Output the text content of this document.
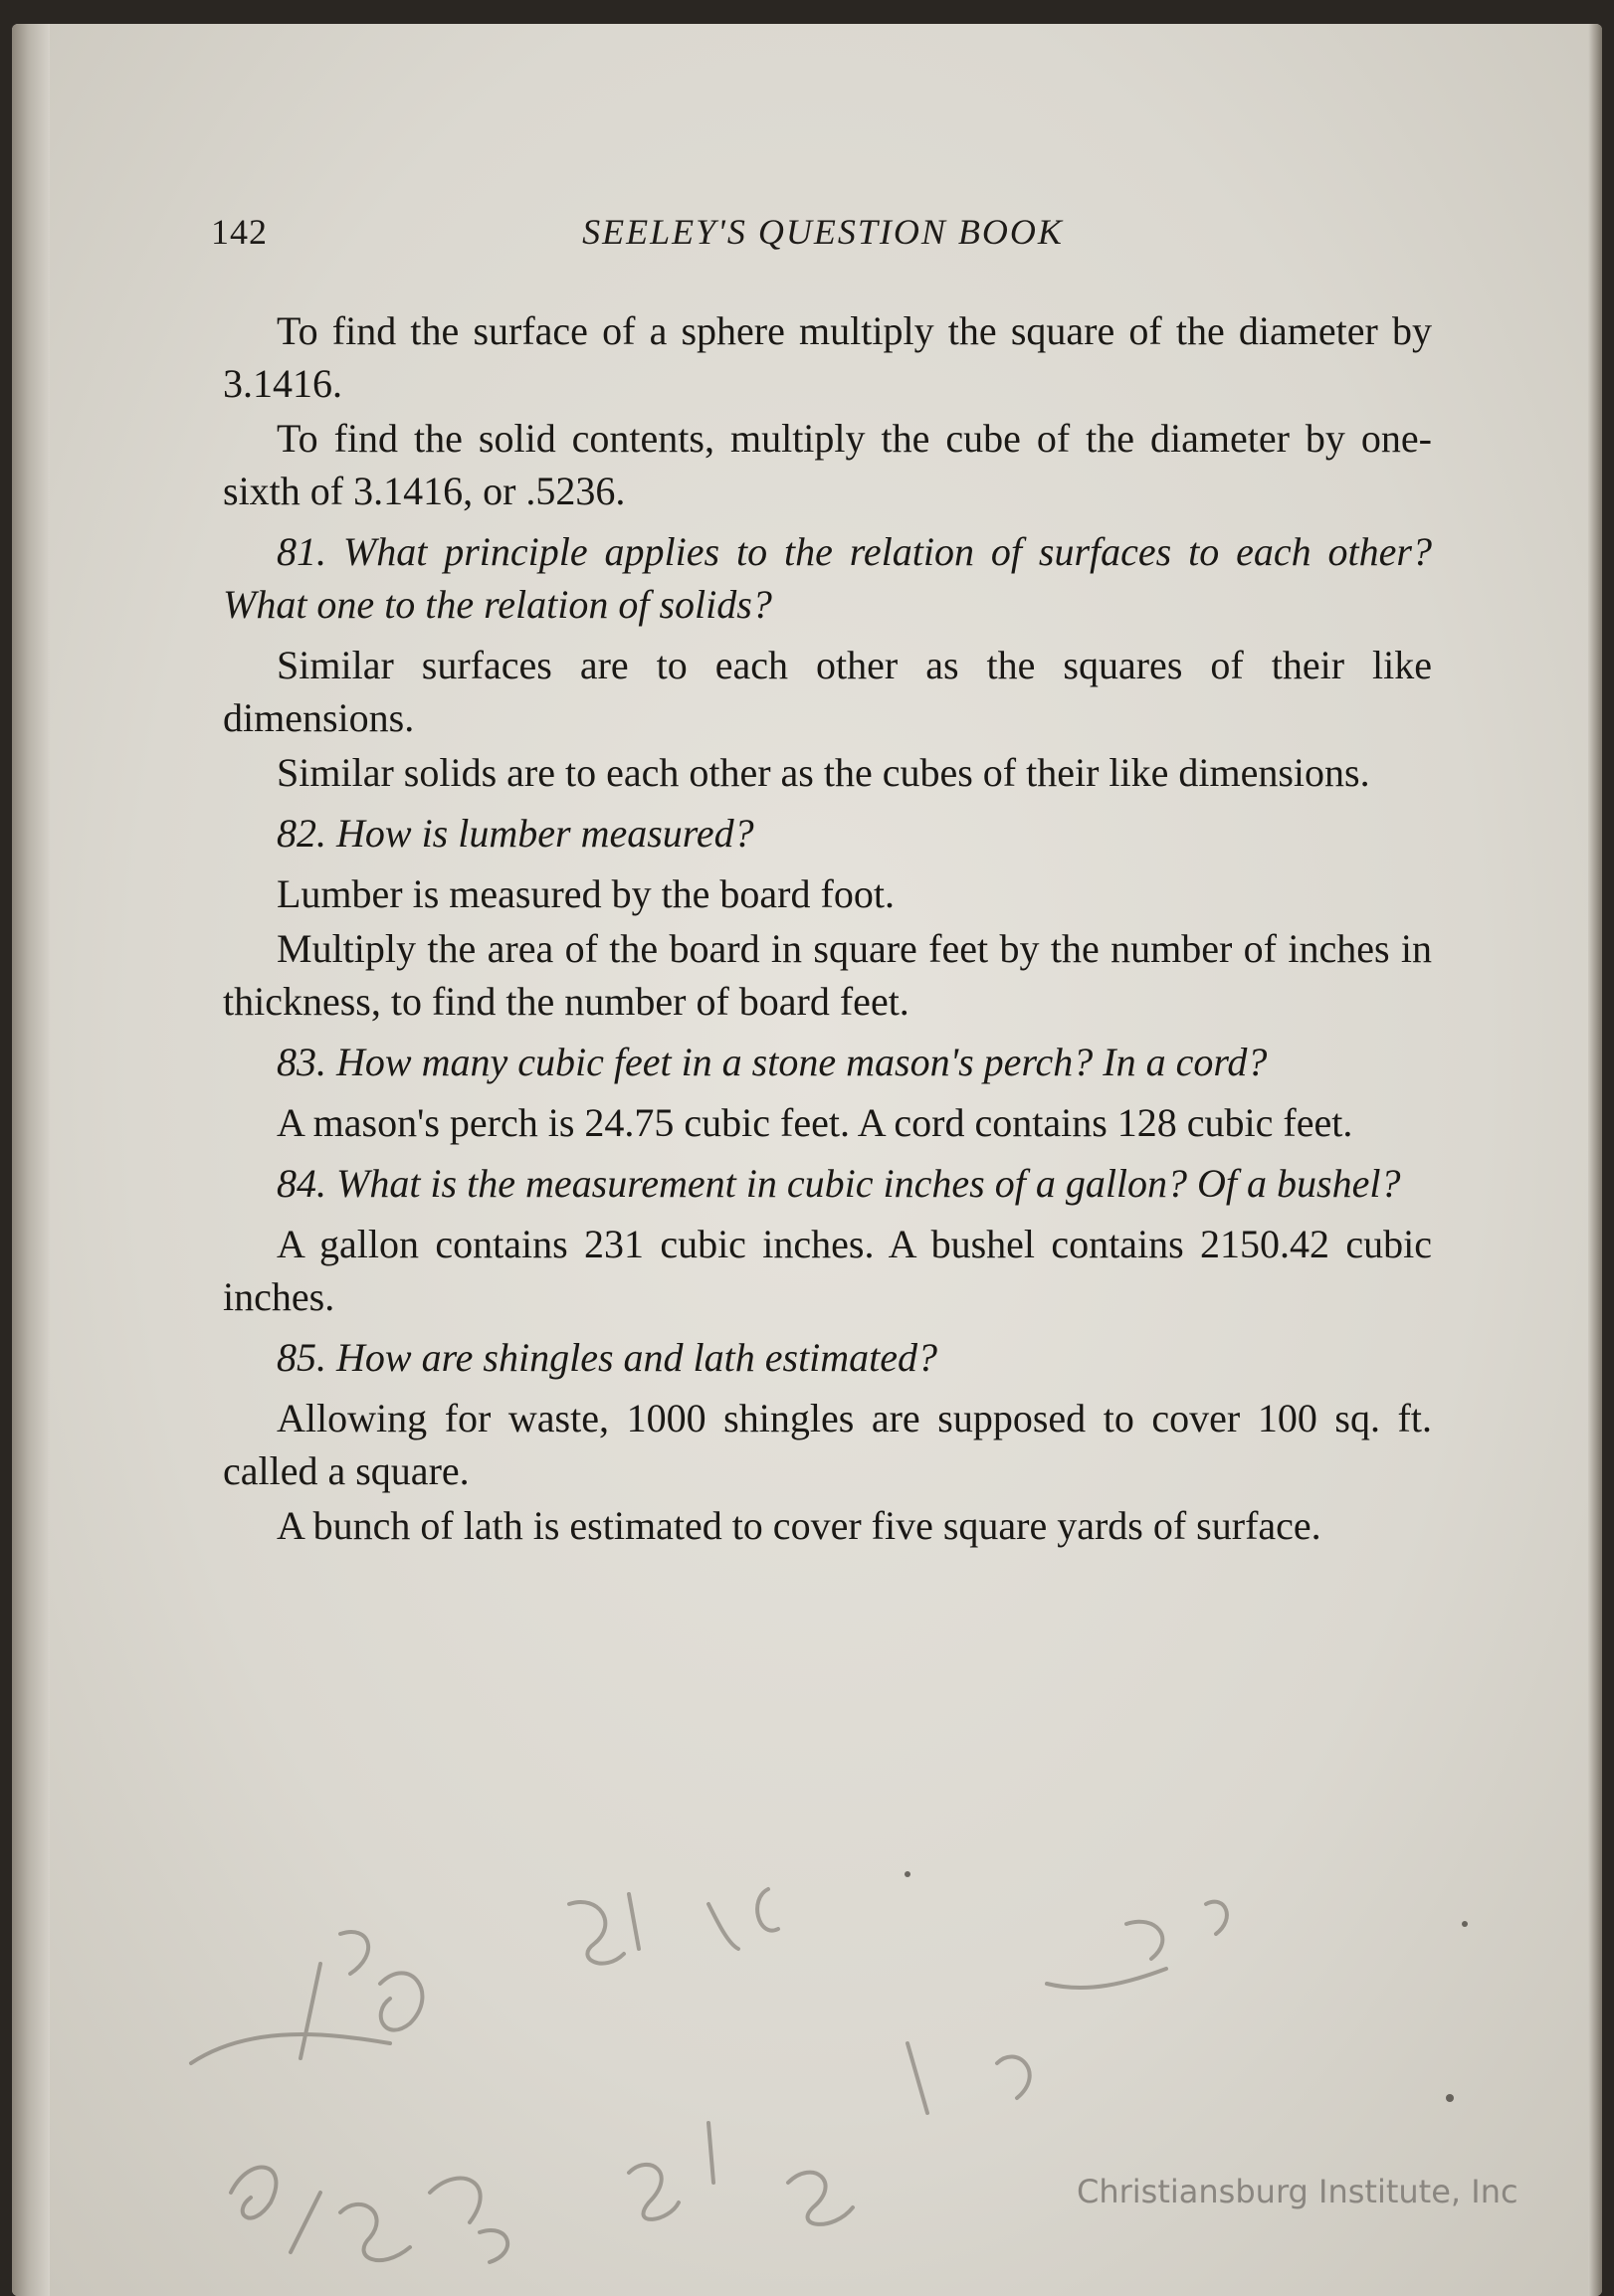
142	SEELEY'S QUESTION BOOK

To find the surface of a sphere multiply the square of the diameter by 3.1416.

To find the solid contents, multiply the cube of the diameter by one-sixth of 3.1416, or .5236.

81. What principle applies to the relation of surfaces to each other? What one to the relation of solids?

Similar surfaces are to each other as the squares of their like dimensions.

Similar solids are to each other as the cubes of their like dimensions.

82. How is lumber measured?

Lumber is measured by the board foot.

Multiply the area of the board in square feet by the number of inches in thickness, to find the number of board feet.

83. How many cubic feet in a stone mason's perch? In a cord?

A mason's perch is 24.75 cubic feet. A cord contains 128 cubic feet.

84. What is the measurement in cubic inches of a gallon? Of a bushel?

A gallon contains 231 cubic inches. A bushel contains 2150.42 cubic inches.

85. How are shingles and lath estimated?

Allowing for waste, 1000 shingles are supposed to cover 100 sq. ft. called a square.

A bunch of lath is estimated to cover five square yards of surface.

Christiansburg Institute, Inc
